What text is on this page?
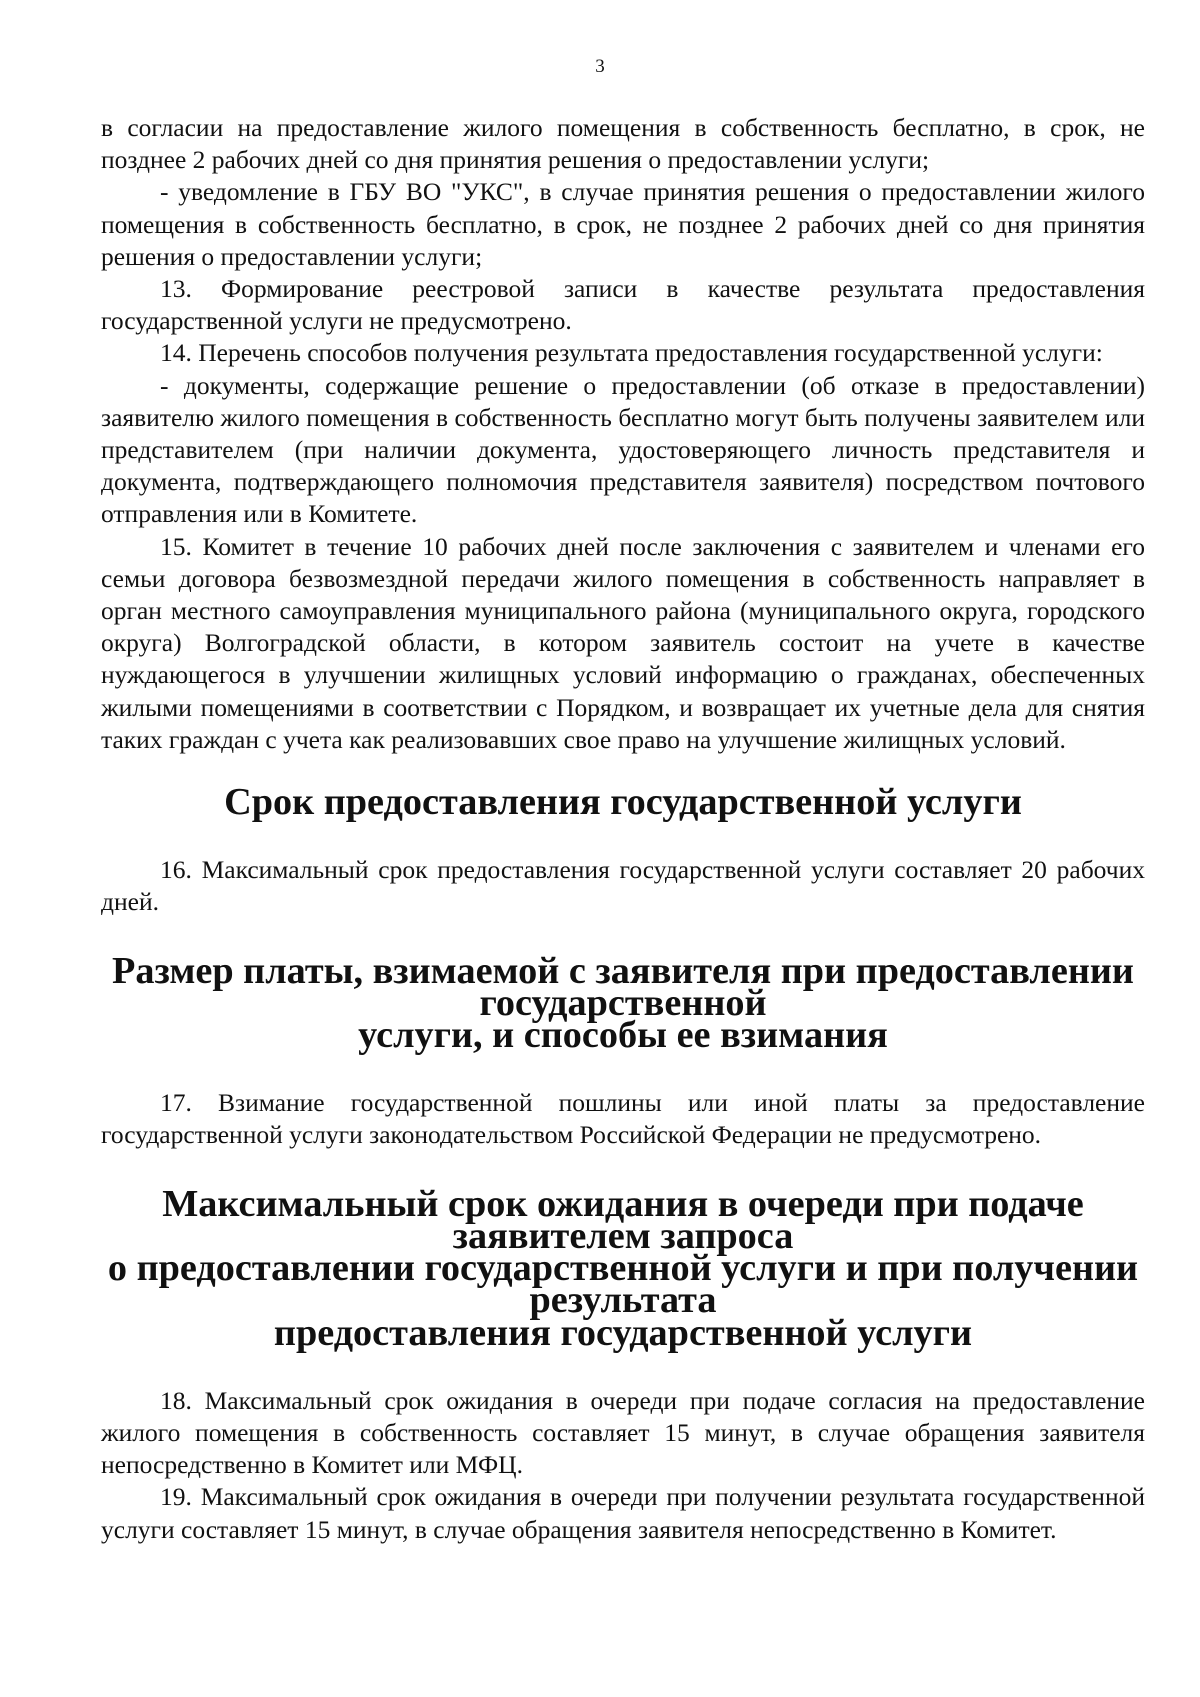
3

в согласии на предоставление жилого помещения в собственность бесплатно, в срок, не позднее 2 рабочих дней со дня принятия решения о предоставлении услуги;

- уведомление в ГБУ ВО "УКС", в случае принятия решения о предоставлении жилого помещения в собственность бесплатно, в срок, не позднее 2 рабочих дней со дня принятия решения о предоставлении услуги;

13. Формирование реестровой записи в качестве результата предоставления государственной услуги не предусмотрено.

14. Перечень способов получения результата предоставления государственной услуги:

- документы, содержащие решение о предоставлении (об отказе в предоставлении) заявителю жилого помещения в собственность бесплатно могут быть получены заявителем или представителем (при наличии документа, удостоверяющего личность представителя и документа, подтверждающего полномочия представителя заявителя) посредством почтового отправления или в Комитете.

15. Комитет в течение 10 рабочих дней после заключения с заявителем и членами его семьи договора безвозмездной передачи жилого помещения в собственность направляет в орган местного самоуправления муниципального района (муниципального округа, городского округа) Волгоградской области, в котором заявитель состоит на учете в качестве нуждающегося в улучшении жилищных условий информацию о гражданах, обеспеченных жилыми помещениями в соответствии с Порядком, и возвращает их учетные дела для снятия таких граждан с учета как реализовавших свое право на улучшение жилищных условий.

Срок предоставления государственной услуги

16. Максимальный срок предоставления государственной услуги составляет 20 рабочих дней.

Размер платы, взимаемой с заявителя при предоставлении государственной
услуги, и способы ее взимания

17. Взимание государственной пошлины или иной платы за предоставление государственной услуги законодательством Российской Федерации не предусмотрено.

Максимальный срок ожидания в очереди при подаче заявителем запроса
о предоставлении государственной услуги и при получении результата
предоставления государственной услуги

18. Максимальный срок ожидания в очереди при подаче согласия на предоставление жилого помещения в собственность составляет 15 минут, в случае обращения заявителя непосредственно в Комитет или МФЦ.

19. Максимальный срок ожидания в очереди при получении результата государственной услуги составляет 15 минут, в случае обращения заявителя непосредственно в Комитет.
